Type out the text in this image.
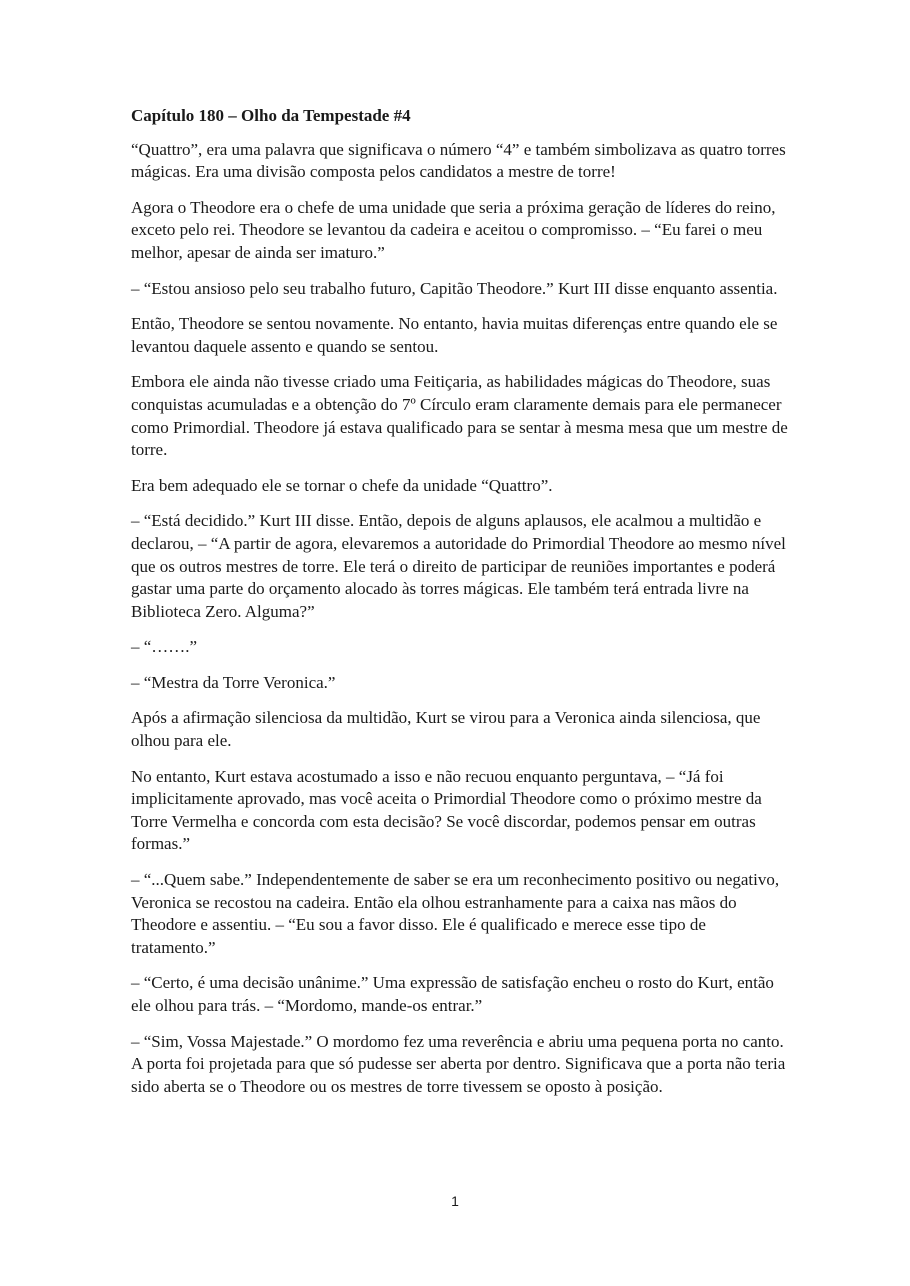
Capítulo 180 – Olho da Tempestade #4

“Quattro”, era uma palavra que significava o número “4” e também simbolizava as quatro torres mágicas. Era uma divisão composta pelos candidatos a mestre de torre!

Agora o Theodore era o chefe de uma unidade que seria a próxima geração de líderes do reino, exceto pelo rei. Theodore se levantou da cadeira e aceitou o compromisso. – “Eu farei o meu melhor, apesar de ainda ser imaturo.”

– “Estou ansioso pelo seu trabalho futuro, Capitão Theodore.” Kurt III disse enquanto assentia.

Então, Theodore se sentou novamente. No entanto, havia muitas diferenças entre quando ele se levantou daquele assento e quando se sentou.

Embora ele ainda não tivesse criado uma Feitiçaria, as habilidades mágicas do Theodore, suas conquistas acumuladas e a obtenção do 7º Círculo eram claramente demais para ele permanecer como Primordial. Theodore já estava qualificado para se sentar à mesma mesa que um mestre de torre.

Era bem adequado ele se tornar o chefe da unidade “Quattro”.

– “Está decidido.” Kurt III disse. Então, depois de alguns aplausos, ele acalmou a multidão e declarou, – “A partir de agora, elevaremos a autoridade do Primordial Theodore ao mesmo nível que os outros mestres de torre. Ele terá o direito de participar de reuniões importantes e poderá gastar uma parte do orçamento alocado às torres mágicas. Ele também terá entrada livre na Biblioteca Zero. Alguma?”

– “…….”

– “Mestra da Torre Veronica.”

Após a afirmação silenciosa da multidão, Kurt se virou para a Veronica ainda silenciosa, que olhou para ele.

No entanto, Kurt estava acostumado a isso e não recuou enquanto perguntava, – “Já foi implicitamente aprovado, mas você aceita o Primordial Theodore como o próximo mestre da Torre Vermelha e concorda com esta decisão? Se você discordar, podemos pensar em outras formas.”

– “...Quem sabe.” Independentemente de saber se era um reconhecimento positivo ou negativo, Veronica se recostou na cadeira. Então ela olhou estranhamente para a caixa nas mãos do Theodore e assentiu. – “Eu sou a favor disso. Ele é qualificado e merece esse tipo de tratamento.”

– “Certo, é uma decisão unânime.” Uma expressão de satisfação encheu o rosto do Kurt, então ele olhou para trás. – “Mordomo, mande-os entrar.”

– “Sim, Vossa Majestade.” O mordomo fez uma reverência e abriu uma pequena porta no canto. A porta foi projetada para que só pudesse ser aberta por dentro. Significava que a porta não teria sido aberta se o Theodore ou os mestres de torre tivessem se oposto à posição.

1
